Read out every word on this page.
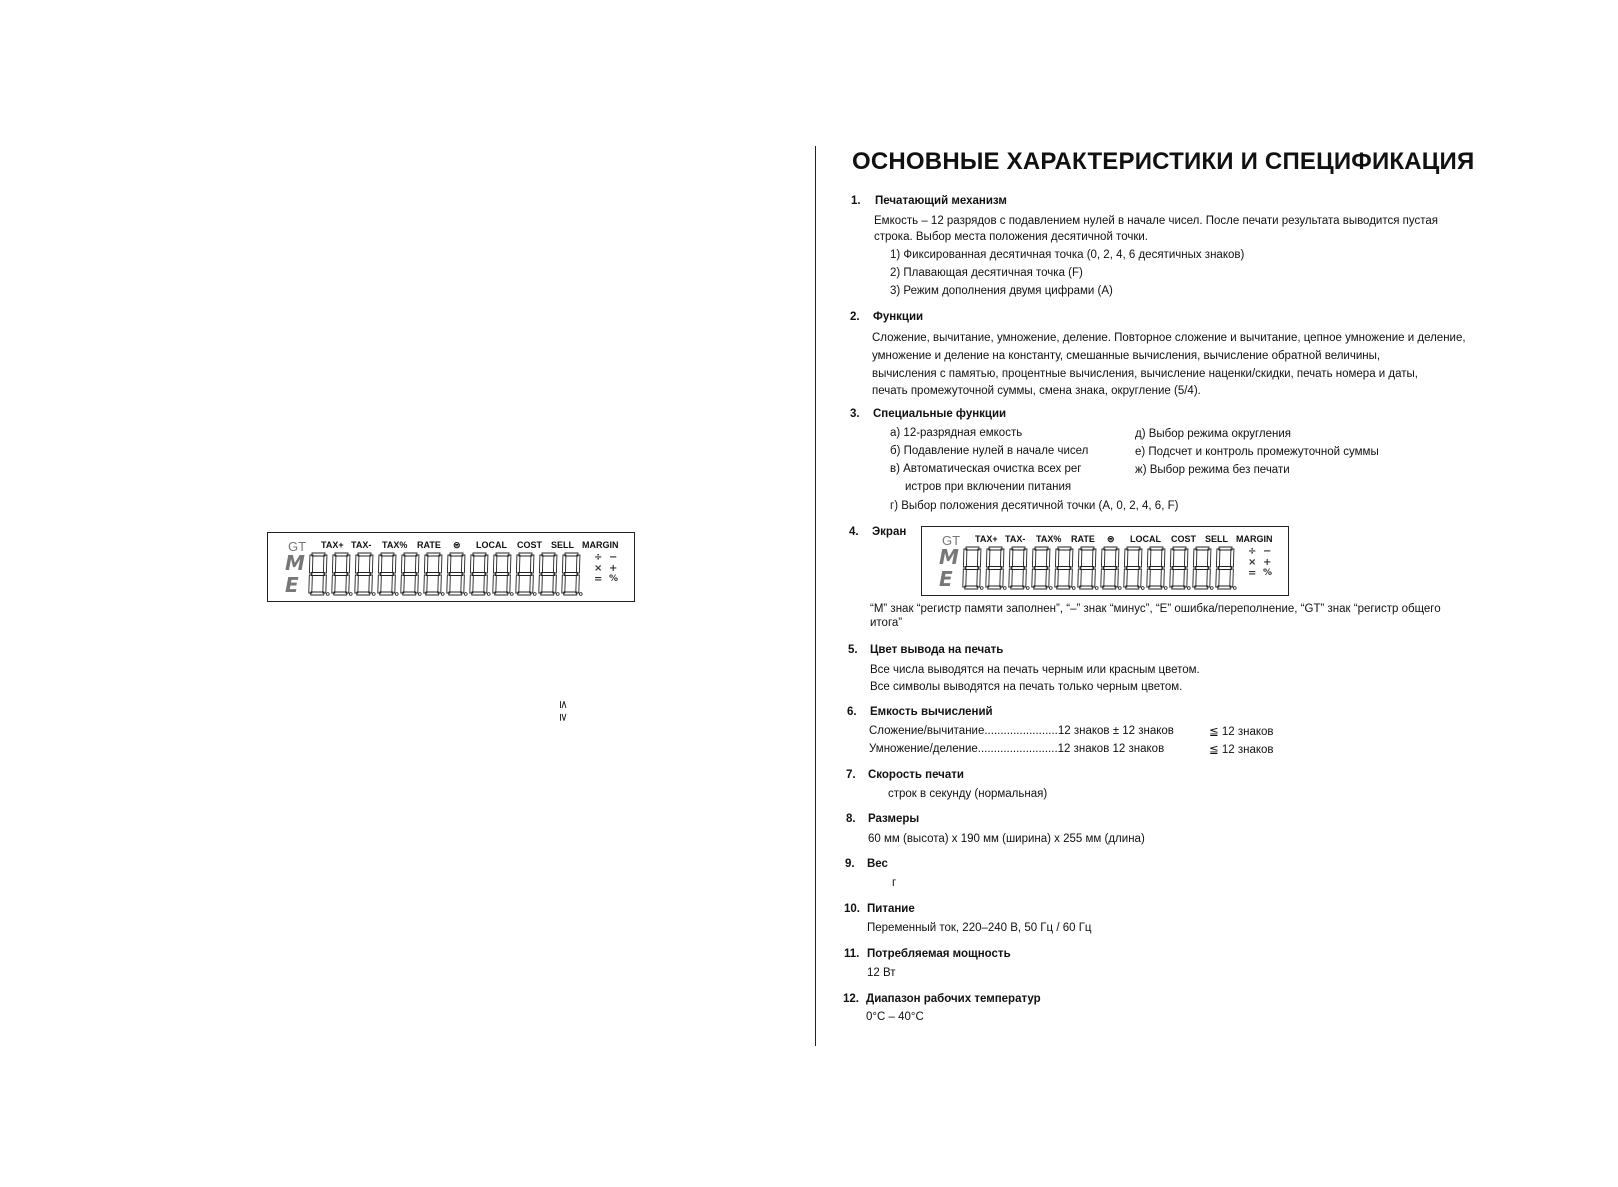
GT TAX+ TAX- TAX% RATE ⊜ LOCAL COST SELL MARGIN
M
E
÷ −
× +
= %
≤ ≥
ОСНОВНЫЕ ХАРАКТЕРИСТИКИ И СПЕЦИФИКАЦИЯ
1. Печатающий механизм
Емкость – 12 разрядов с подавлением нулей в начале чисел. После печати результата выводится пустая
строка. Выбор места положения десятичной точки.
1) Фиксированная десятичная точка (0, 2, 4, 6 десятичных знаков)
2) Плавающая десятичная точка (F)
3) Режим дополнения двумя цифрами (A)
2. Функции
Сложение, вычитание, умножение, деление. Повторное сложение и вычитание, цепное умножение и деление,
умножение и деление на константу, смешанные вычисления, вычисление обратной величины,
вычисления с памятью, процентные вычисления, вычисление наценки/скидки, печать номера и даты,
печать промежуточной суммы, смена знака, округление (5/4).
3. Специальные функции
а) 12-разрядная емкость
б) Подавление нулей в начале чисел
в) Автоматическая очистка всех рег
истров при включении питания
г) Выбор положения десятичной точки (A, 0, 2, 4, 6, F)
д) Выбор режима округления
е) Подсчет и контроль промежуточной суммы
ж) Выбор режима без печати
4. Экран
GT TAX+ TAX- TAX% RATE ⊜ LOCAL COST SELL MARGIN
M
E
÷ −
× +
= %
“M” знак “регистр памяти заполнен”, “–” знак “минус”, “E” ошибка/переполнение, “GT” знак “регистр общего
итога”
5. Цвет вывода на печать
Все числа выводятся на печать черным или красным цветом.
Все символы выводятся на печать только черным цветом.
6. Емкость вычислений
Сложение/вычитание.......................12 знаков ± 12 знаков	≦ 12 знаков
Умножение/деление.........................12 знаков 12 знаков	≦ 12 знаков
7. Скорость печати
строк в секунду (нормальная)
8. Размеры
60 мм (высота) x 190 мм (ширина) x 255 мм (длина)
9. Вес
г
10. Питание
Переменный ток, 220–240 В, 50 Гц / 60 Гц
11. Потребляемая мощность
12 Вт
12. Диапазон рабочих температур
0°C – 40°C
